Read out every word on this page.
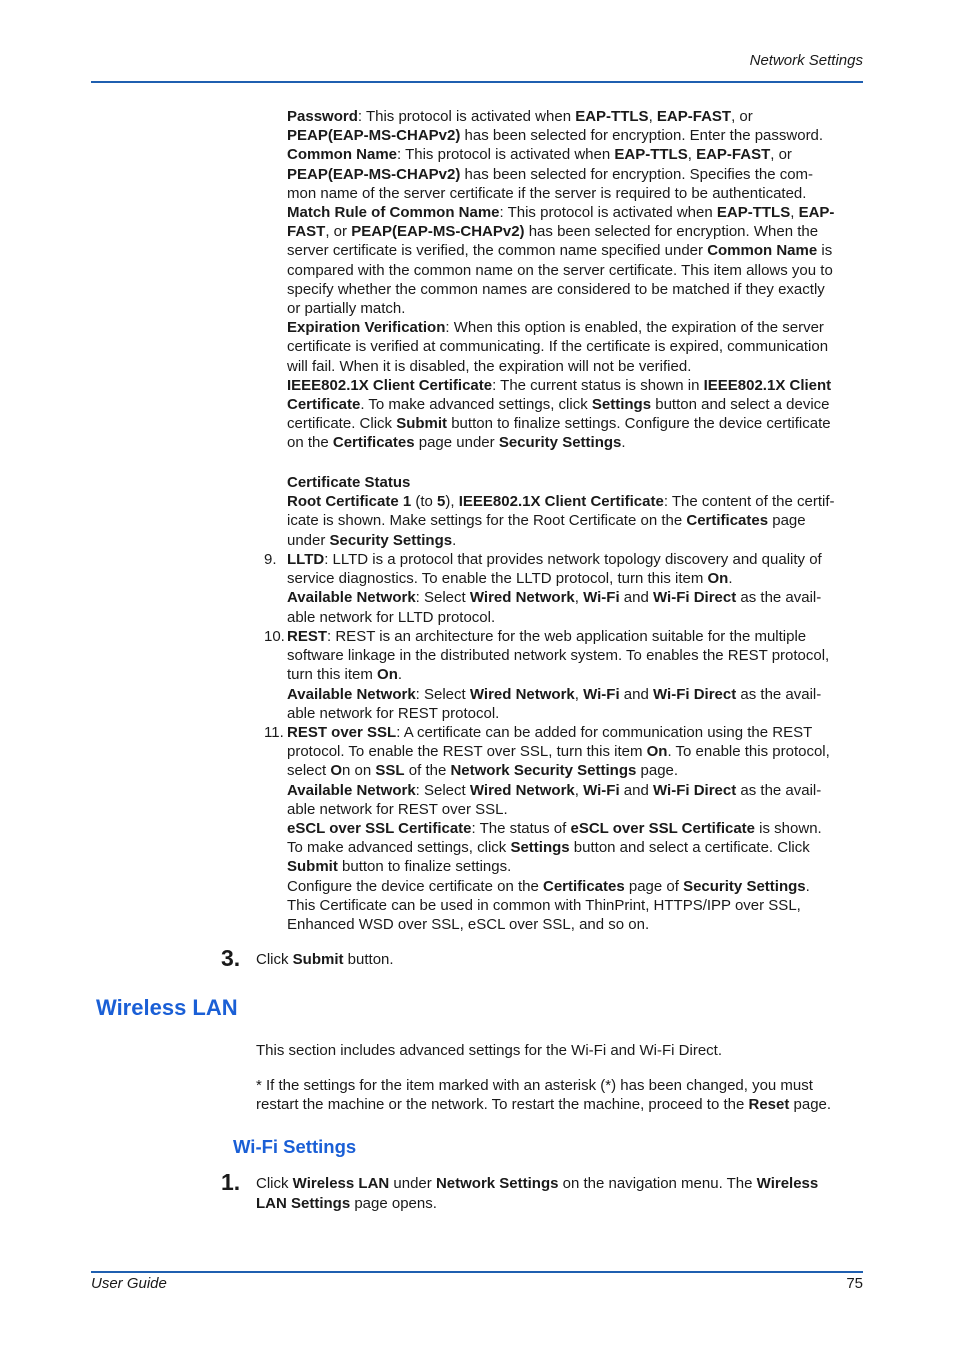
Network Settings
Password: This protocol is activated when EAP-TTLS, EAP-FAST, or
PEAP(EAP-MS-CHAPv2) has been selected for encryption. Enter the password.
Common Name: This protocol is activated when EAP-TTLS, EAP-FAST, or
PEAP(EAP-MS-CHAPv2) has been selected for encryption. Specifies the com-
mon name of the server certificate if the server is required to be authenticated.
Match Rule of Common Name: This protocol is activated when EAP-TTLS, EAP-
FAST, or PEAP(EAP-MS-CHAPv2) has been selected for encryption. When the
server certificate is verified, the common name specified under Common Name is
compared with the common name on the server certificate. This item allows you to
specify whether the common names are considered to be matched if they exactly
or partially match.
Expiration Verification: When this option is enabled, the expiration of the server
certificate is verified at communicating. If the certificate is expired, communication
will fail. When it is disabled, the expiration will not be verified.
IEEE802.1X Client Certificate: The current status is shown in IEEE802.1X Client
Certificate. To make advanced settings, click Settings button and select a device
certificate. Click Submit button to finalize settings. Configure the device certificate
on the Certificates page under Security Settings.
Certificate Status
Root Certificate 1 (to 5), IEEE802.1X Client Certificate: The content of the certif-
icate is shown. Make settings for the Root Certificate on the Certificates page
under Security Settings.
9. LLTD: LLTD is a protocol that provides network topology discovery and quality of
service diagnostics. To enable the LLTD protocol, turn this item On.
Available Network: Select Wired Network, Wi-Fi and Wi-Fi Direct as the avail-
able network for LLTD protocol.
10. REST: REST is an architecture for the web application suitable for the multiple
software linkage in the distributed network system. To enables the REST protocol,
turn this item On.
Available Network: Select Wired Network, Wi-Fi and Wi-Fi Direct as the avail-
able network for REST protocol.
11. REST over SSL: A certificate can be added for communication using the REST
protocol. To enable the REST over SSL, turn this item On. To enable this protocol,
select On on SSL of the Network Security Settings page.
Available Network: Select Wired Network, Wi-Fi and Wi-Fi Direct as the avail-
able network for REST over SSL.
eSCL over SSL Certificate: The status of eSCL over SSL Certificate is shown.
To make advanced settings, click Settings button and select a certificate. Click
Submit button to finalize settings.
Configure the device certificate on the Certificates page of Security Settings.
This Certificate can be used in common with ThinPrint, HTTPS/IPP over SSL,
Enhanced WSD over SSL, eSCL over SSL, and so on.
3. Click Submit button.
Wireless LAN
This section includes advanced settings for the Wi-Fi and Wi-Fi Direct.
* If the settings for the item marked with an asterisk (*) has been changed, you must
restart the machine or the network. To restart the machine, proceed to the Reset page.
Wi-Fi Settings
1. Click Wireless LAN under Network Settings on the navigation menu. The Wireless
LAN Settings page opens.
User Guide	75
